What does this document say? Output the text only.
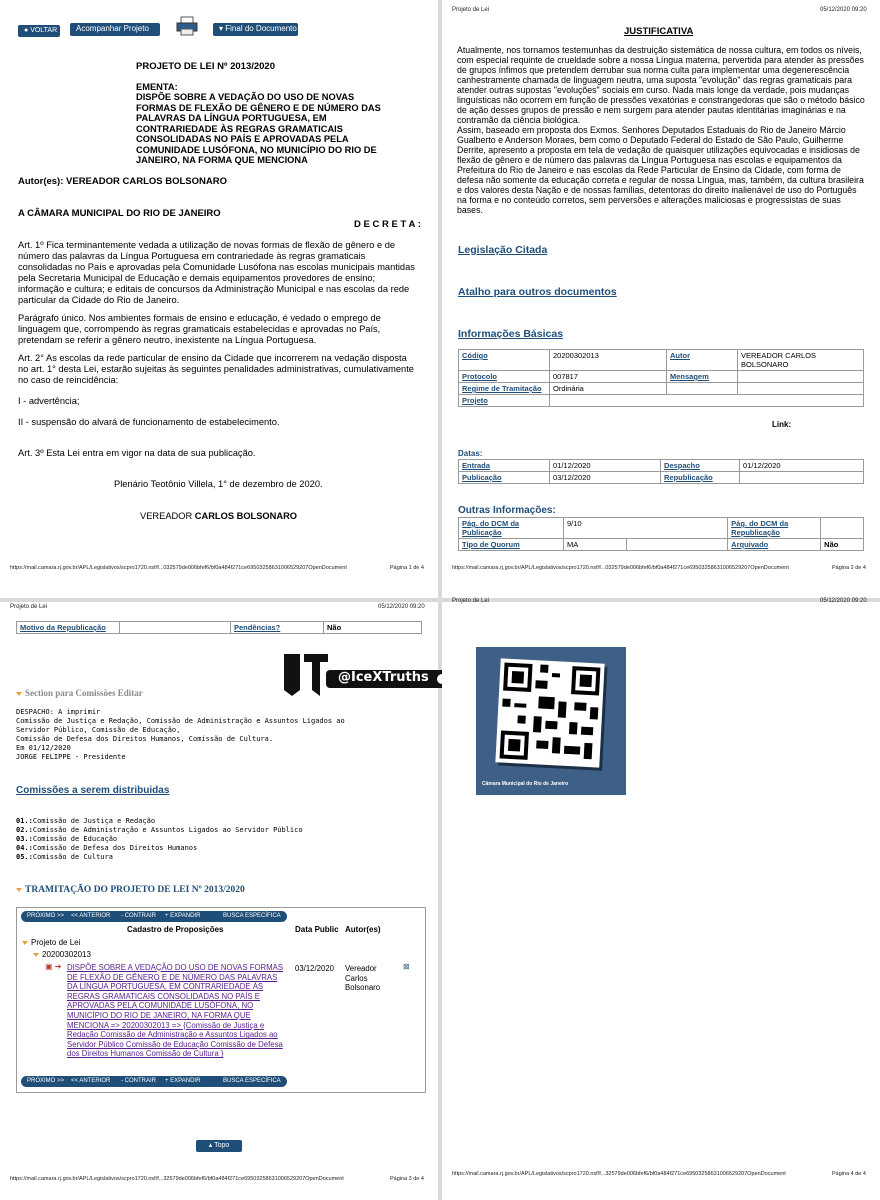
● VOLTAR	Acompanhar Projeto	▾ Final do Documento
PROJETO DE LEI Nº 2013/2020
EMENTA:
DISPÕE SOBRE A VEDAÇÃO DO USO DE NOVAS
FORMAS DE FLEXÃO DE GÊNERO E DE NÚMERO DAS
PALAVRAS DA LÍNGUA PORTUGUESA, EM
CONTRARIEDADE ÀS REGRAS GRAMATICAIS
CONSOLIDADAS NO PAÍS E APROVADAS PELA
COMUNIDADE LUSÓFONA, NO MUNICÍPIO DO RIO DE
JANEIRO, NA FORMA QUE MENCIONA
Autor(es): VEREADOR CARLOS BOLSONARO
A CÂMARA MUNICIPAL DO RIO DE JANEIRO
D E C R E T A :
Art. 1º Fica terminantemente vedada a utilização de novas formas de flexão de gênero e de número das palavras da Língua Portuguesa em contrariedade às regras gramaticais consolidadas no País e aprovadas pela Comunidade Lusófona nas escolas municipais mantidas pela Secretaria Municipal de Educação e demais equipamentos provedores de ensino; informação e cultura; e editais de concursos da Administração Municipal e nas escolas da rede particular da Cidade do Rio de Janeiro.
Parágrafo único. Nos ambientes formais de ensino e educação, é vedado o emprego de linguagem que, corrompendo às regras gramaticais estabelecidas e aprovadas no País, pretendam se referir a gênero neutro, inexistente na Língua Portuguesa.
Art. 2° As escolas da rede particular de ensino da Cidade que incorrerem na vedação disposta no art. 1° desta Lei, estarão sujeitas às seguintes penalidades administrativas, cumulativamente no caso de reincidência:
I - advertência;
II - suspensão do alvará de funcionamento de estabelecimento.
Art. 3º Esta Lei entra em vigor na data de sua publicação.
Plenário Teotônio Villela, 1° de dezembro de 2020.
VEREADOR CARLOS BOLSONARO
https://mail.camara.rj.gov.br/APL/Legislativos/scpro1720.nsf/f...032579de006bfef6/bf0a484f271ce69503258631006529207OpenDocument	Página 1 de 4
Projeto de Lei	05/12/2020 09:20
JUSTIFICATIVA
Atualmente, nos tornamos testemunhas da destruição sistemática de nossa cultura, em todos os níveis, com especial requinte de crueldade sobre a nossa Língua materna, pervertida para atender às pressões de grupos ínfimos que pretendem derrubar sua norma culta para implementar uma degenerescência canhestramente chamada de linguagem neutra, uma suposta "evolução" das regras gramaticais para atender outras supostas "evoluções" sociais em curso. Nada mais longe da verdade, pois mudanças linguísticas não ocorrem em função de pressões vexatórias e constrangedoras que são o método básico de ação desses grupos de pressão e nem surgem para atender pautas identitárias imaginárias e na contramão da ciência biológica.
Assim, baseado em proposta dos Exmos. Senhores Deputados Estaduais do Rio de Janeiro Márcio Gualberto e Anderson Moraes, bem como o Deputado Federal do Estado de São Paulo, Guilherme Derrite, apresento a proposta em tela de vedação de quaisquer utilizações equivocadas e insidiosas de flexão de gênero e de número das palavras da Língua Portuguesa nas escolas e equipamentos da Prefeitura do Rio de Janeiro e nas escolas da Rede Particular de Ensino da Cidade, com forma de defesa não somente da educação correta e regular de nossa Língua, mas, também, da cultura brasileira e dos valores desta Nação e de nossas famílias, detentoras do direito inalienável de uso do Português na forma e no conteúdo corretos, sem perversões e alterações maliciosas e progressistas de suas bases.
Legislação Citada
Atalho para outros documentos
Informações Básicas
Código	20200302013	Autor	VEREADOR CARLOS BOLSONARO
Protocolo	007817	Mensagem	
Regime de Tramitação	Ordinária		
Projeto			
Link:
Datas:
Entrada	01/12/2020	Despacho	01/12/2020
Publicação	03/12/2020	Republicação	
Outras Informações:
Pág. do DCM da Publicação	9/10		Pág. do DCM da Republicação	
Tipo de Quorum	MA		Arquivado	Não
https://mail.camara.rj.gov.br/APL/Legislativos/scpro1720.nsf/f...032579de006bfef6/bf0a484f271ce69503258631006529207OpenDocument	Página 2 de 4
Projeto de Lei	05/12/2020 09:20
Motivo da Republicação		Pendências?	Não
@IceXTruths
Section para Comissões Editar
DESPACHO: A imprimir
Comissão de Justiça e Redação, Comissão de Administração e Assuntos Ligados ao
Servidor Público, Comissão de Educação,
Comissão de Defesa dos Direitos Humanos, Comissão de Cultura.
Em 01/12/2020
JORGE FELIPPE - Presidente
Comissões a serem distribuidas
01.:Comissão de Justiça e Redação
02.:Comissão de Administração e Assuntos Ligados ao Servidor Público
03.:Comissão de Educação
04.:Comissão de Defesa dos Direitos Humanos
05.:Comissão de Cultura
TRAMITAÇÃO DO PROJETO DE LEI Nº 2013/2020
PRÓXIMO >> << ANTERIOR - CONTRAIR + EXPANDIR	BUSCA ESPECÍFICA
Cadastro de Proposições	Data Public Autor(es)
Projeto de Lei
20200302013
▣ ➔ DISPÕE SOBRE A VEDAÇÃO DO USO DE NOVAS FORMAS DE FLEXÃO DE GÊNERO E DE NÚMERO DAS PALAVRAS DA LÍNGUA PORTUGUESA, EM CONTRARIEDADE ÀS REGRAS GRAMATICAIS CONSOLIDADAS NO PAÍS E APROVADAS PELA COMUNIDADE LUSÓFONA, NO MUNICÍPIO DO RIO DE JANEIRO, NA FORMA QUE MENCIONA => 20200302013 => {Comissão de Justiça e Redação Comissão de Administração e Assuntos Ligados ao Servidor Público Comissão de Educação Comissão de Defesa dos Direitos Humanos Comissão de Cultura }
03/12/2020 Vereador Carlos Bolsonaro
⊠
PRÓXIMO >> << ANTERIOR - CONTRAIR + EXPANDIR	BUSCA ESPECÍFICA
▴ Topo
https://mail.camara.rj.gov.br/APL/Legislativos/scpro1720.nsf/f...32579de006bfef6/bf0a484f271ce69503258631006529207OpenDocument	Página 3 de 4
Projeto de Lei	05/12/2020 09:20
Câmara Municipal do Rio de Janeiro
https://mail.camara.rj.gov.br/APL/Legislativos/scpro1720.nsf/f...32579de006bfef6/bf0a484f271ce69503258631006529207OpenDocument	Página 4 de 4
